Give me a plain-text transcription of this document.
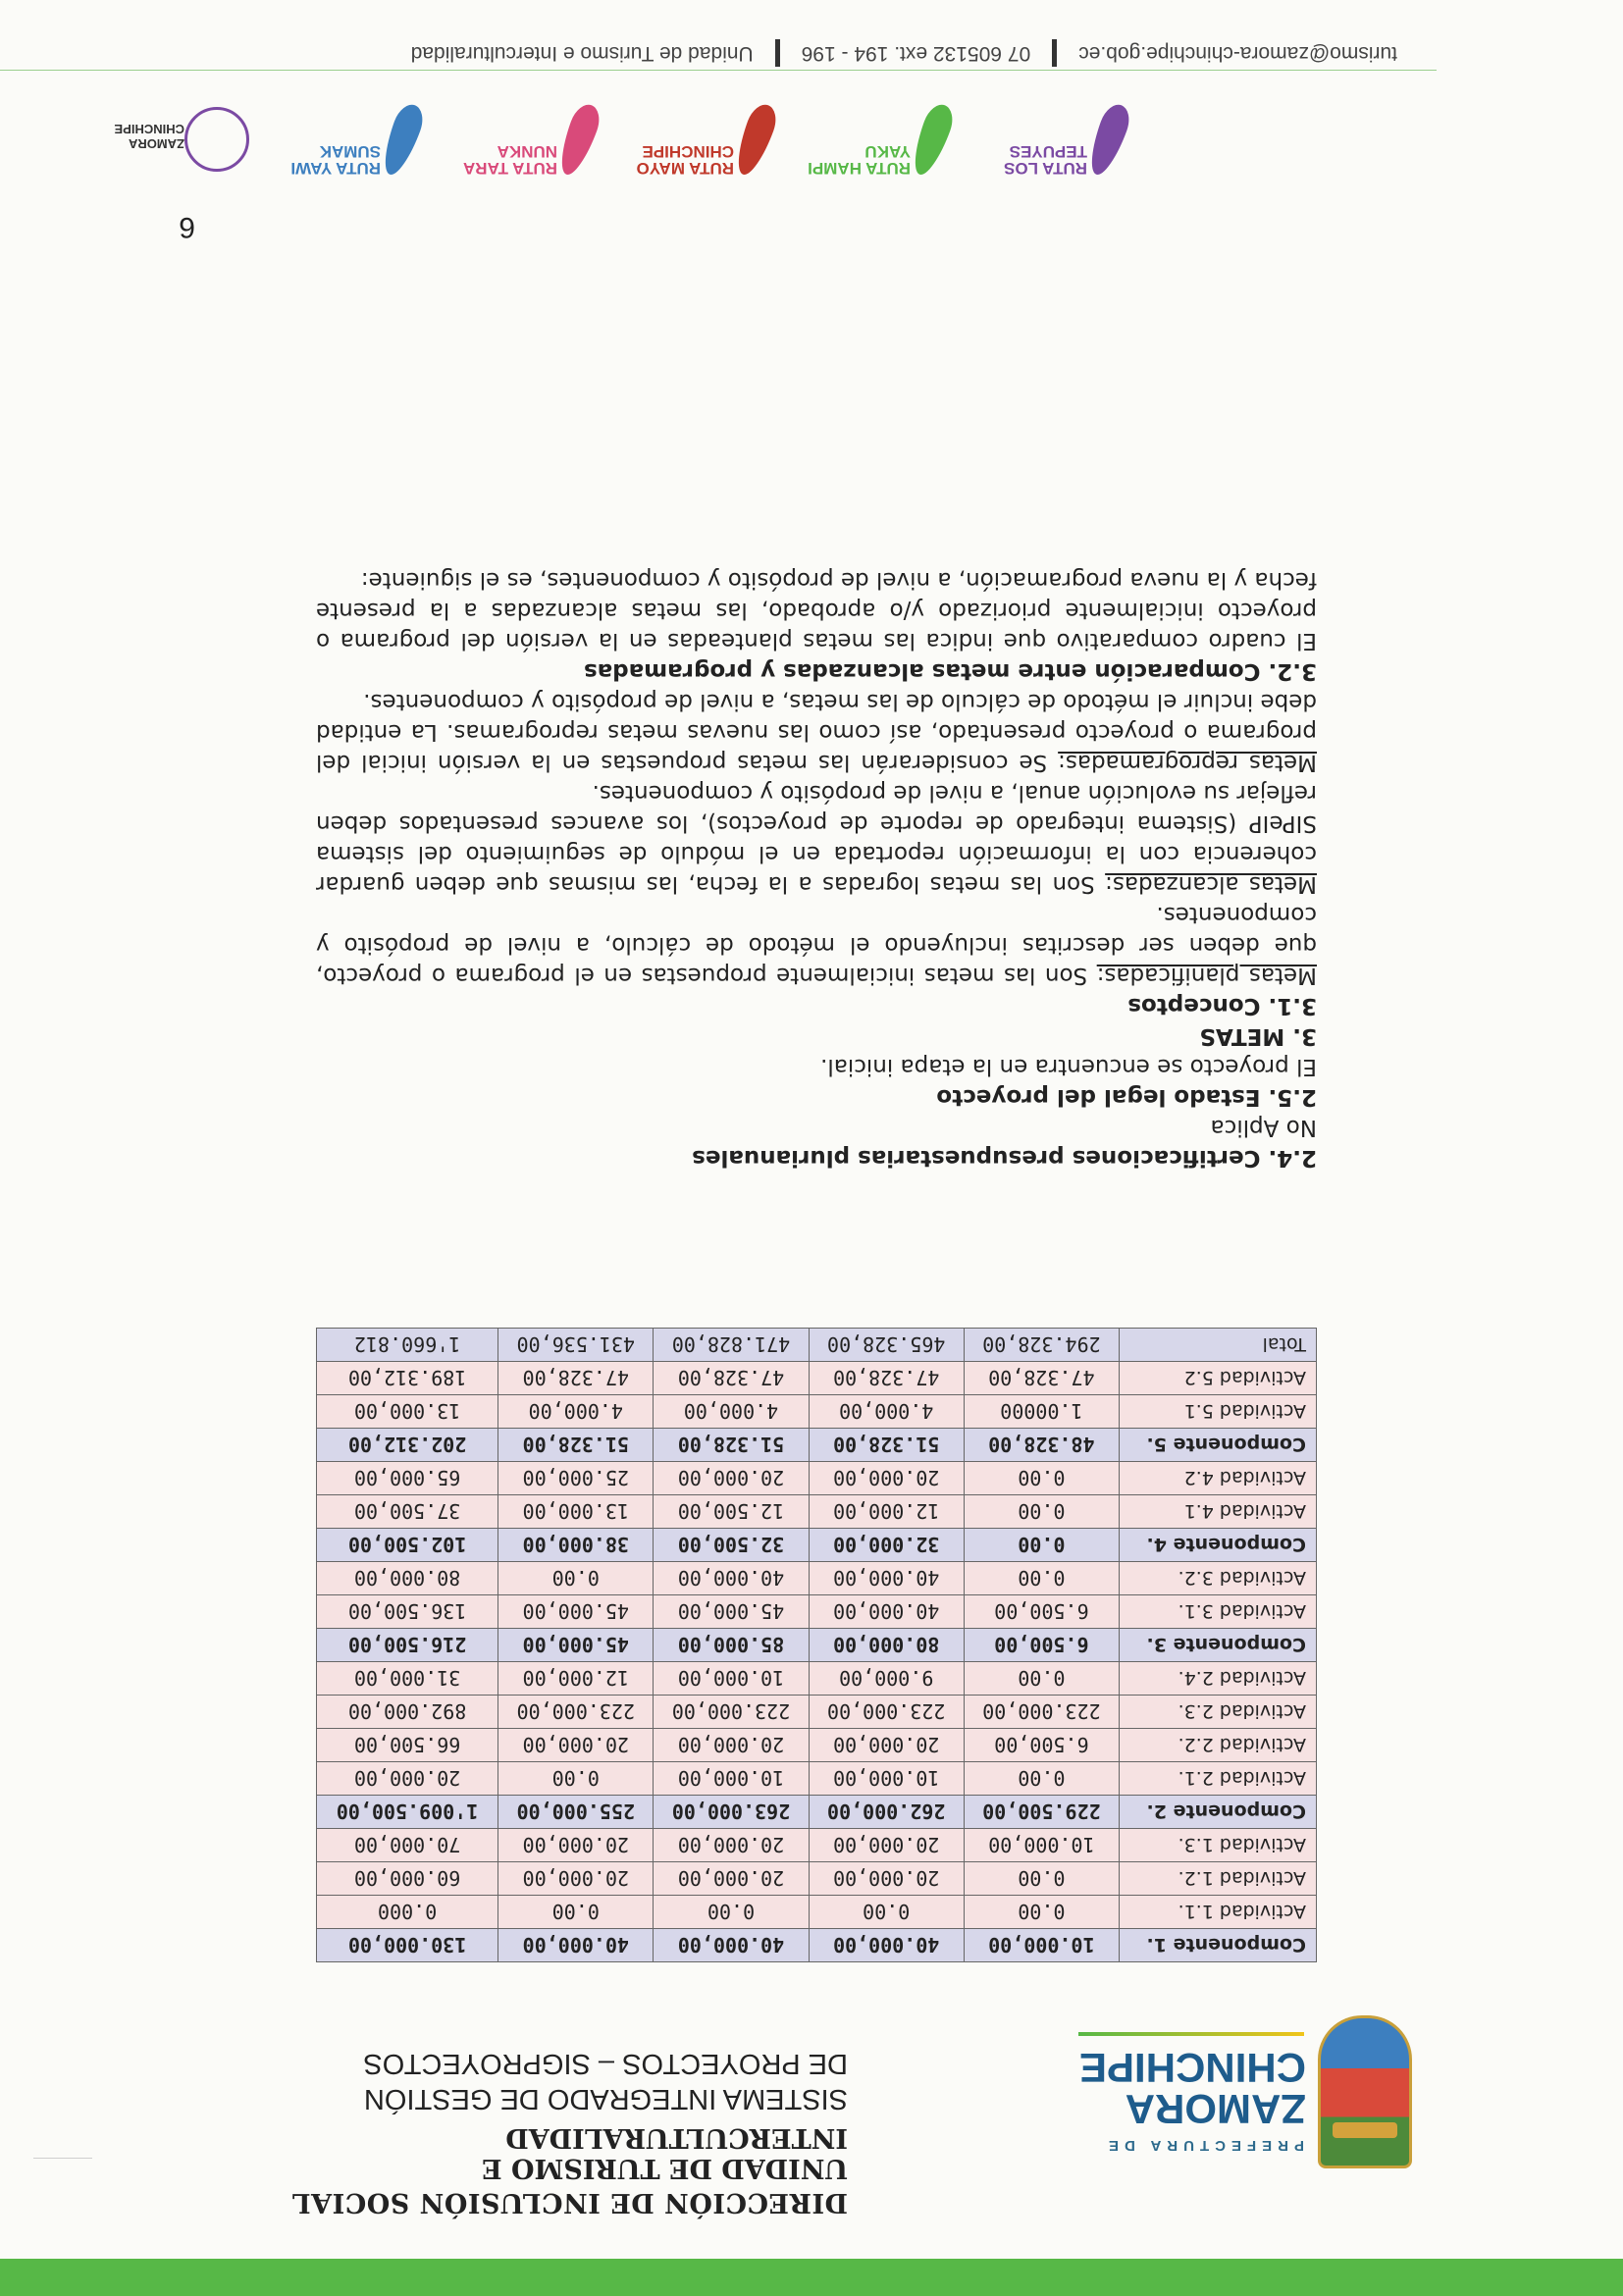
PREFECTURA DE
ZAMORA
CHINCHIPE
DIRECCIÓN DE INCLUSIÓN SOCIAL
UNIDAD DE TURISMO E INTERCULTURALIDAD
SISTEMA INTEGRADO DE GESTIÓN
DE PROYECTOS – SIGPROYECTOS
Componente 1.	10.000,00	40.000,00	40.000,00	40.000,00	130.000,00
Actividad 1.1.	0.00	0.00	0.00	0.00	0.000
Actividad 1.2.	0.00	20.000,00	20.000,00	20.000,00	60.000,00
Actividad 1.3.	10.000,00	20.000,00	20.000,00	20.000,00	70.000,00
Componente 2.	229.500,00	262.000,00	263.000,00	255.000,00	1'009.500,00
Actividad 2.1.	0.00	10.000,00	10.000,00	0.00	20.000,00
Actividad 2.2.	6.500,00	20.000,00	20.000,00	20.000,00	66.500,00
Actividad 2.3.	223.000,00	223.000,00	223.000,00	223.000,00	892.000,00
Actividad 2.4.	0.00	9.000,00	10.000,00	12.000,00	31.000,00
Componente 3.	6.500,00	80.000,00	85.000,00	45.000,00	216.500,00
Actividad 3.1.	6.500,00	40.000,00	45.000,00	45.000,00	136.500,00
Actividad 3.2.	0.00	40.000,00	40.000,00	0.00	80.000,00
Componente 4.	0.00	32.000,00	32.500,00	38.000,00	102.500,00
Actividad 4.1	0.00	12.000,00	12.500,00	13.000,00	37.500,00
Actividad 4.2	0.00	20.000,00	20.000,00	25.000,00	65.000,00
Componente 5.	48.328,00	51.328,00	51.328,00	51.328,00	202.312,00
Actividad 5.1	1.00000	4.000,00	4.000,00	4.000,00	13.000,00
Actividad 5.2	47.328,00	47.328,00	47.328,00	47.328,00	189.312,00
Total	294.328,00	465.328,00	471.828,00	431.536,00	1'660.812
2.4. Certificaciones presupuestarias plurianuales

No Aplica

2.5. Estado legal del proyecto

El proyecto se encuentra en la etapa inicial.

3. METAS
3.1. Conceptos

Metas planificadas: Son las metas inicialmente propuestas en el programa o proyecto, que deben ser descritas incluyendo el método de cálculo, a nivel de propósito y componentes.

Metas alcanzadas: Son las metas logradas a la fecha, las mismas que deben guardar coherencia con la información reportada en el módulo de seguimiento del sistema SIPeIP (Sistema integrado de reporte de proyectos), los avances presentados deben reflejar su evolución anual, a nivel de propósito y componentes.

Metas reprogramadas: Se considerarán las metas propuestas en la versión inicial del programa o proyecto presentado, así como las nuevas metas reprogramas. La entidad debe incluir el método de cálculo de las metas, a nivel de propósito y componentes.

3.2. Comparación entre metas alcanzadas y programadas

El cuadro comparativo que indica las metas planteadas en la versión del programa o proyecto inicialmente priorizado y/o aprobado, las metas alcanzadas a la presente fecha y la nueva programación, a nivel de propósito y componentes, es el siguiente:

6
ZAMORA CHINCHIPE
RUTA YAWI SUMAK
RUTA TARA NUNKA
RUTA MAYO CHINCHIPE
RUTA HAMPI YAKU
RUTA LOS TEPUYES
turismo@zamora-chinchipe.gob.ec
07 605132 ext. 194 - 196
Unidad de Turismo e Interculturalidad
